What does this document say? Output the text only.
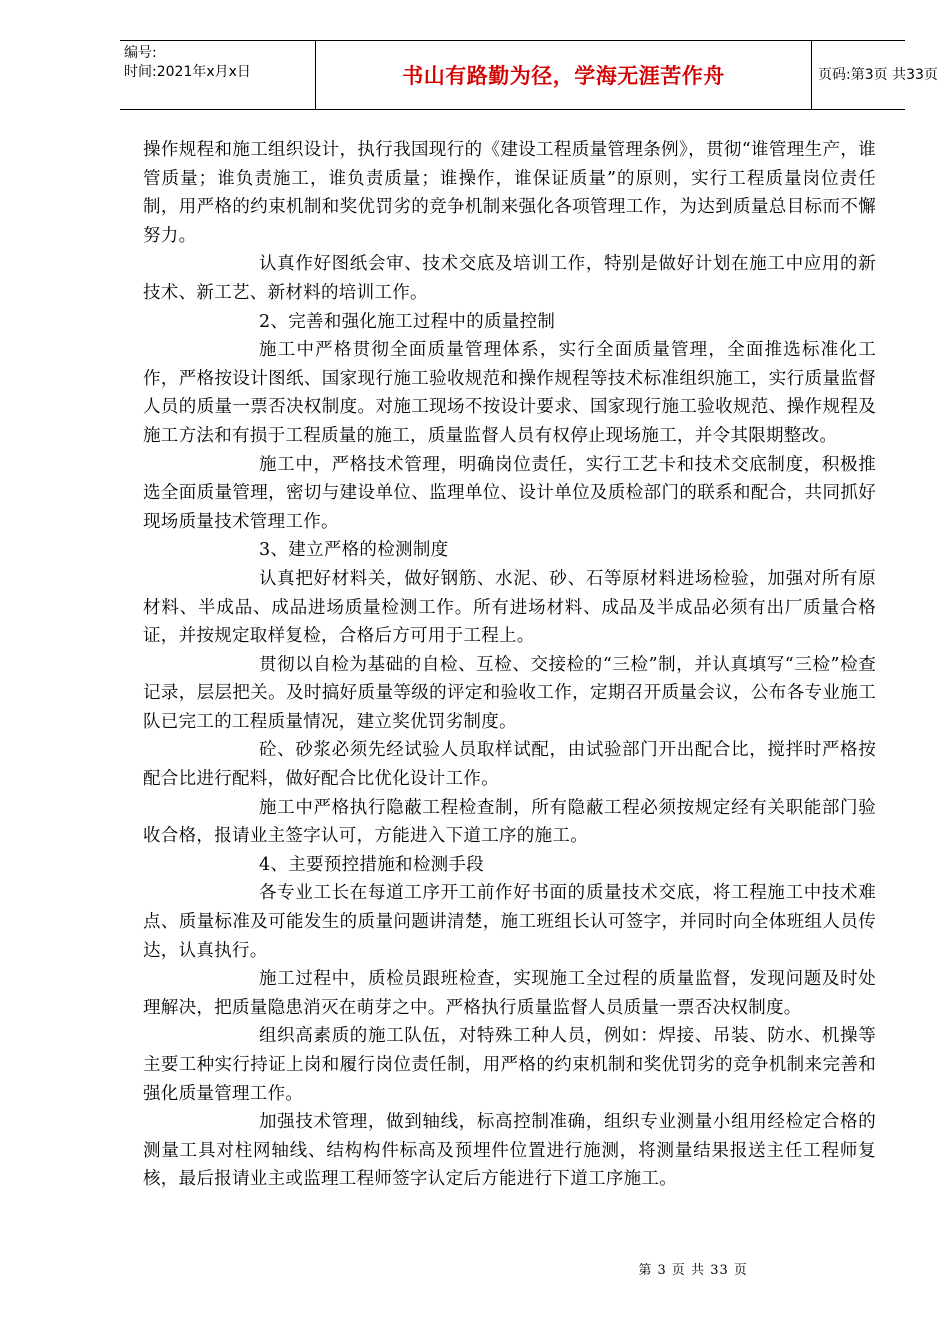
编号:
时间:2021年x月x日	书山有路勤为径，学海无涯苦作舟	页码:第3页 共33页

操作规程和施工组织设计，执行我国现行的《建设工程质量管理条例》，贯彻“谁管理生产，谁管质量；谁负责施工，谁负责质量；谁操作，谁保证质量”的原则，实行工程质量岗位责任制，用严格的约束机制和奖优罚劣的竞争机制来强化各项管理工作，为达到质量总目标而不懈努力。

认真作好图纸会审、技术交底及培训工作，特别是做好计划在施工中应用的新技术、新工艺、新材料的培训工作。

2、完善和强化施工过程中的质量控制

施工中严格贯彻全面质量管理体系，实行全面质量管理，全面推选标准化工作，严格按设计图纸、国家现行施工验收规范和操作规程等技术标准组织施工，实行质量监督人员的质量一票否决权制度。对施工现场不按设计要求、国家现行施工验收规范、操作规程及施工方法和有损于工程质量的施工，质量监督人员有权停止现场施工，并令其限期整改。

施工中，严格技术管理，明确岗位责任，实行工艺卡和技术交底制度，积极推选全面质量管理，密切与建设单位、监理单位、设计单位及质检部门的联系和配合，共同抓好现场质量技术管理工作。

3、建立严格的检测制度

认真把好材料关，做好钢筋、水泥、砂、石等原材料进场检验，加强对所有原材料、半成品、成品进场质量检测工作。所有进场材料、成品及半成品必须有出厂质量合格证，并按规定取样复检，合格后方可用于工程上。

贯彻以自检为基础的自检、互检、交接检的“三检”制，并认真填写“三检”检查记录，层层把关。及时搞好质量等级的评定和验收工作，定期召开质量会议，公布各专业施工队已完工的工程质量情况，建立奖优罚劣制度。

砼、砂浆必须先经试验人员取样试配，由试验部门开出配合比，搅拌时严格按配合比进行配料，做好配合比优化设计工作。

施工中严格执行隐蔽工程检查制，所有隐蔽工程必须按规定经有关职能部门验收合格，报请业主签字认可，方能进入下道工序的施工。

4、主要预控措施和检测手段

各专业工长在每道工序开工前作好书面的质量技术交底，将工程施工中技术难点、质量标准及可能发生的质量问题讲清楚，施工班组长认可签字，并同时向全体班组人员传达，认真执行。

施工过程中，质检员跟班检查，实现施工全过程的质量监督，发现问题及时处理解决，把质量隐患消灭在萌芽之中。严格执行质量监督人员质量一票否决权制度。

组织高素质的施工队伍，对特殊工种人员，例如：焊接、吊装、防水、机操等主要工种实行持证上岗和履行岗位责任制，用严格的约束机制和奖优罚劣的竞争机制来完善和强化质量管理工作。

加强技术管理，做到轴线，标高控制准确，组织专业测量小组用经检定合格的测量工具对柱网轴线、结构构件标高及预埋件位置进行施测，将测量结果报送主任工程师复核，最后报请业主或监理工程师签字认定后方能进行下道工序施工。

第 3 页 共 33 页
